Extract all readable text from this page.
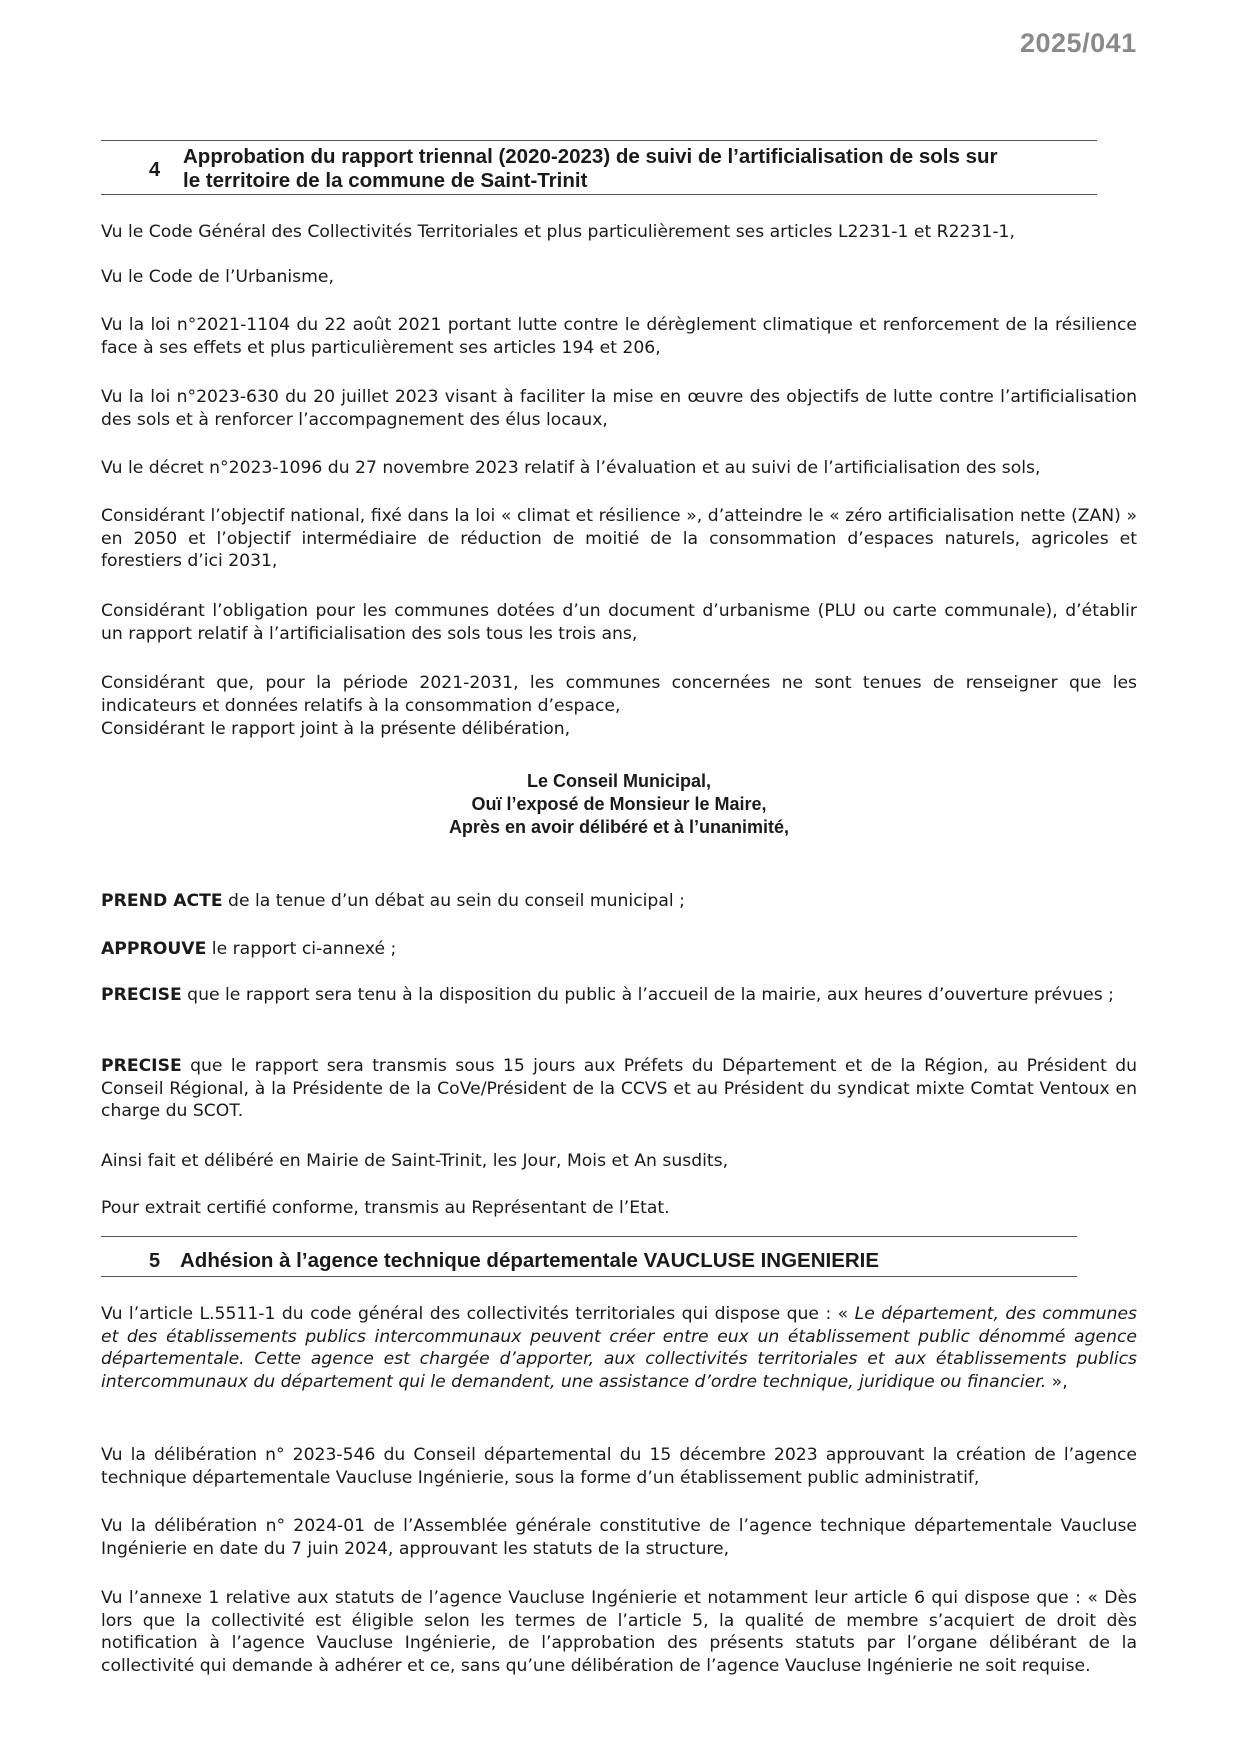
2025/041
4
Approbation du rapport triennal (2020-2023) de suivi de l’artificialisation de sols sur
le territoire de la commune de Saint-Trinit
Vu le Code Général des Collectivités Territoriales et plus particulièrement ses articles L2231-1 et R2231-1,
Vu le Code de l’Urbanisme,
Vu la loi n°2021-1104 du 22 août 2021 portant lutte contre le dérèglement climatique et renforcement de la résilience face à ses effets et plus particulièrement ses articles 194 et 206,
Vu la loi n°2023-630 du 20 juillet 2023 visant à faciliter la mise en œuvre des objectifs de lutte contre l’artificialisation des sols et à renforcer l’accompagnement des élus locaux,
Vu le décret n°2023-1096 du 27 novembre 2023 relatif à l’évaluation et au suivi de l’artificialisation des sols,
Considérant l’objectif national, fixé dans la loi « climat et résilience », d’atteindre le « zéro artificialisation nette (ZAN) » en 2050 et l’objectif intermédiaire de réduction de moitié de la consommation d’espaces naturels, agricoles et forestiers d’ici 2031,
Considérant l’obligation pour les communes dotées d’un document d’urbanisme (PLU ou carte communale), d’établir un rapport relatif à l’artificialisation des sols tous les trois ans,
Considérant que, pour la période 2021-2031, les communes concernées ne sont tenues de renseigner que les indicateurs et données relatifs à la consommation d’espace,
Considérant le rapport joint à la présente délibération,
Le Conseil Municipal,
Ouï l’exposé de Monsieur le Maire,
Après en avoir délibéré et à l’unanimité,
PREND ACTE de la tenue d’un débat au sein du conseil municipal ;
APPROUVE le rapport ci-annexé ;
PRECISE que le rapport sera tenu à la disposition du public à l’accueil de la mairie, aux heures d’ouverture prévues ;
PRECISE que le rapport sera transmis sous 15 jours aux Préfets du Département et de la Région, au Président du Conseil Régional, à la Présidente de la CoVe/Président de la CCVS et au Président du syndicat mixte Comtat Ventoux en charge du SCOT.
Ainsi fait et délibéré en Mairie de Saint-Trinit, les Jour, Mois et An susdits,
Pour extrait certifié conforme, transmis au Représentant de l’Etat.
5 Adhésion à l’agence technique départementale VAUCLUSE INGENIERIE
Vu l’article L.5511-1 du code général des collectivités territoriales qui dispose que : « Le département, des communes et des établissements publics intercommunaux peuvent créer entre eux un établissement public dénommé agence départementale. Cette agence est chargée d’apporter, aux collectivités territoriales et aux établissements publics intercommunaux du département qui le demandent, une assistance d’ordre technique, juridique ou financier. »,
Vu la délibération n° 2023-546 du Conseil départemental du 15 décembre 2023 approuvant la création de l’agence technique départementale Vaucluse Ingénierie, sous la forme d’un établissement public administratif,
Vu la délibération n° 2024-01 de l’Assemblée générale constitutive de l’agence technique départementale Vaucluse Ingénierie en date du 7 juin 2024, approuvant les statuts de la structure,
Vu l’annexe 1 relative aux statuts de l’agence Vaucluse Ingénierie et notamment leur article 6 qui dispose que : « Dès lors que la collectivité est éligible selon les termes de l’article 5, la qualité de membre s’acquiert de droit dès notification à l’agence Vaucluse Ingénierie, de l’approbation des présents statuts par l’organe délibérant de la collectivité qui demande à adhérer et ce, sans qu’une délibération de l’agence Vaucluse Ingénierie ne soit requise.
